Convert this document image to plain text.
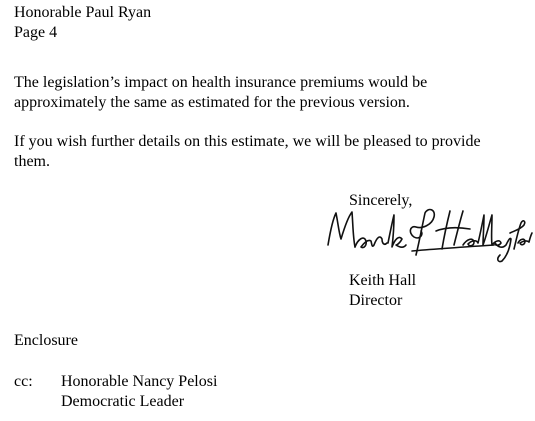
Honorable Paul Ryan
Page 4
The legislation’s impact on health insurance premiums would be
approximately the same as estimated for the previous version.
If you wish further details on this estimate, we will be pleased to provide
them.
Sincerely,
Keith Hall
Director
Enclosure
cc: Honorable Nancy Pelosi
Democratic Leader
